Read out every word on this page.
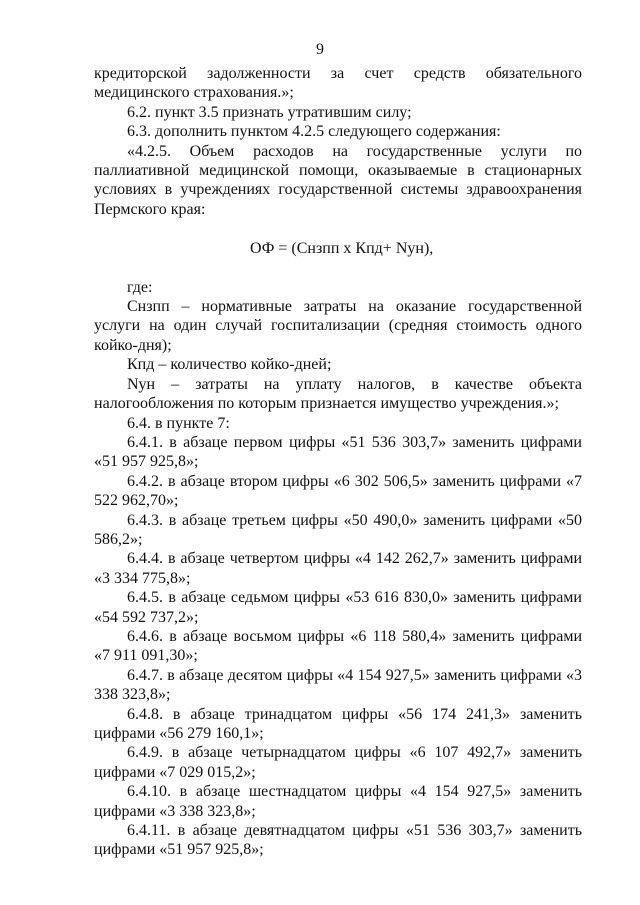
9

кредиторской задолженности за счет средств обязательного медицинского страхования.»;

6.2. пункт 3.5 признать утратившим силу;

6.3. дополнить пунктом 4.2.5 следующего содержания:

«4.2.5. Объем расходов на государственные услуги по паллиативной медицинской помощи, оказываемые в стационарных условиях в учреждениях государственной системы здравоохранения Пермского края:

ОФ = (Снзпп х Кпд+ Nун),

где:

Снзпп – нормативные затраты на оказание государственной услуги на один случай госпитализации (средняя стоимость одного койко-дня);

Кпд – количество койко-дней;

Nун – затраты на уплату налогов, в качестве объекта налогообложения по которым признается имущество учреждения.»;

6.4. в пункте 7:

6.4.1. в абзаце первом цифры «51 536 303,7» заменить цифрами «51 957 925,8»;

6.4.2. в абзаце втором цифры «6 302 506,5» заменить цифрами «7 522 962,70»;

6.4.3. в абзаце третьем цифры «50 490,0» заменить цифрами «50 586,2»;

6.4.4. в абзаце четвертом цифры «4 142 262,7» заменить цифрами «3 334 775,8»;

6.4.5. в абзаце седьмом цифры «53 616 830,0» заменить цифрами «54 592 737,2»;

6.4.6. в абзаце восьмом цифры «6 118 580,4» заменить цифрами «7 911 091,30»;

6.4.7. в абзаце десятом цифры «4 154 927,5» заменить цифрами «3 338 323,8»;

6.4.8. в абзаце тринадцатом цифры «56 174 241,3» заменить цифрами «56 279 160,1»;

6.4.9. в абзаце четырнадцатом цифры «6 107 492,7» заменить цифрами «7 029 015,2»;

6.4.10. в абзаце шестнадцатом цифры «4 154 927,5» заменить цифрами «3 338 323,8»;

6.4.11. в абзаце девятнадцатом цифры «51 536 303,7» заменить цифрами «51 957 925,8»;
